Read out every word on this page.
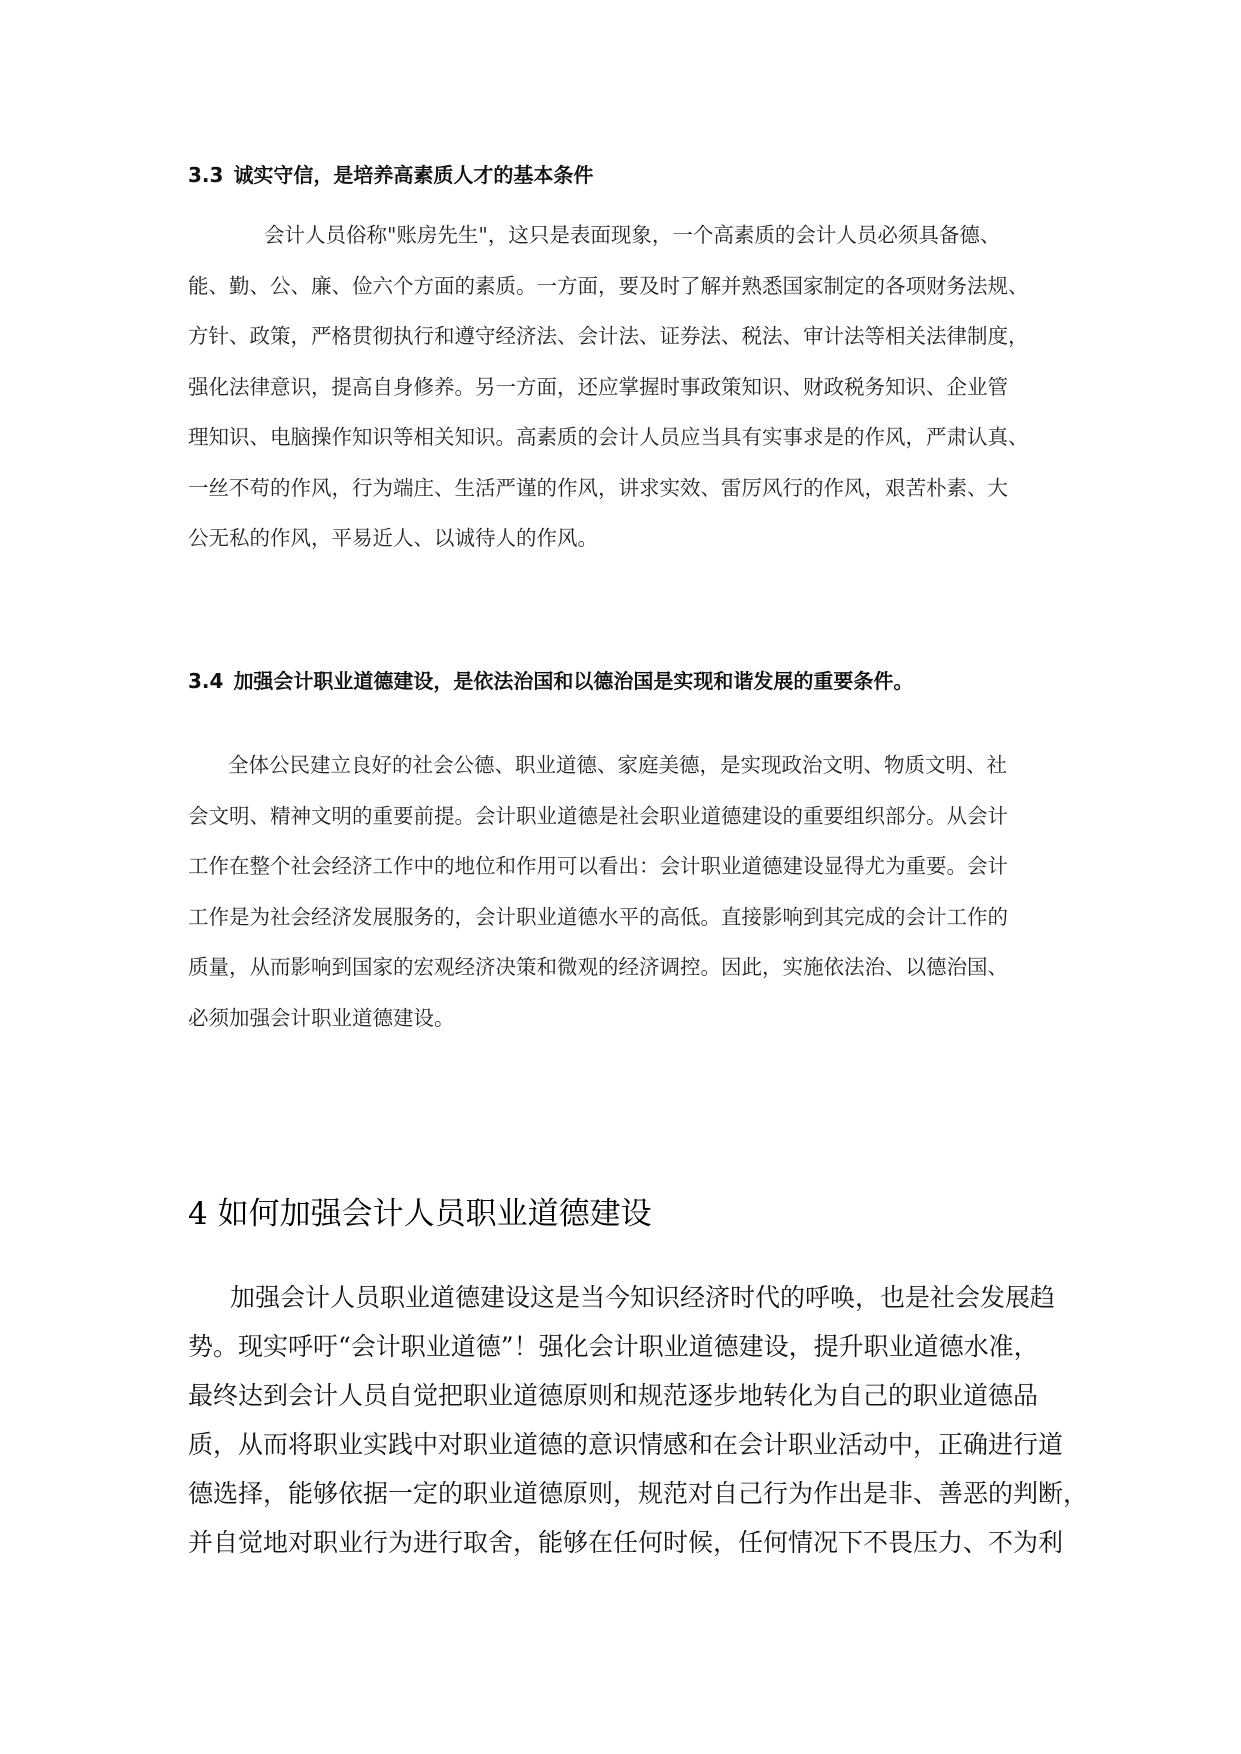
3.3 诚实守信，是培养高素质人才的基本条件

会计人员俗称"账房先生"，这只是表面现象，一个高素质的会计人员必须具备德、
能、勤、公、廉、俭六个方面的素质。一方面，要及时了解并熟悉国家制定的各项财务法规、
方针、政策，严格贯彻执行和遵守经济法、会计法、证券法、税法、审计法等相关法律制度，
强化法律意识，提高自身修养。另一方面，还应掌握时事政策知识、财政税务知识、企业管
理知识、电脑操作知识等相关知识。高素质的会计人员应当具有实事求是的作风，严肃认真、
一丝不苟的作风，行为端庄、生活严谨的作风，讲求实效、雷厉风行的作风，艰苦朴素、大
公无私的作风，平易近人、以诚待人的作风。

3.4 加强会计职业道德建设，是依法治国和以德治国是实现和谐发展的重要条件。

全体公民建立良好的社会公德、职业道德、家庭美德，是实现政治文明、物质文明、社
会文明、精神文明的重要前提。会计职业道德是社会职业道德建设的重要组织部分。从会计
工作在整个社会经济工作中的地位和作用可以看出：会计职业道德建设显得尤为重要。会计
工作是为社会经济发展服务的，会计职业道德水平的高低。直接影响到其完成的会计工作的
质量，从而影响到国家的宏观经济决策和微观的经济调控。因此，实施依法治、以德治国、
必须加强会计职业道德建设。

4 如何加强会计人员职业道德建设

加强会计人员职业道德建设这是当今知识经济时代的呼唤，也是社会发展趋
势。现实呼吁“会计职业道德”！强化会计职业道德建设，提升职业道德水准，
最终达到会计人员自觉把职业道德原则和规范逐步地转化为自己的职业道德品
质，从而将职业实践中对职业道德的意识情感和在会计职业活动中，正确进行道
德选择，能够依据一定的职业道德原则，规范对自己行为作出是非、善恶的判断，
并自觉地对职业行为进行取舍，能够在任何时候，任何情况下不畏压力、不为利
